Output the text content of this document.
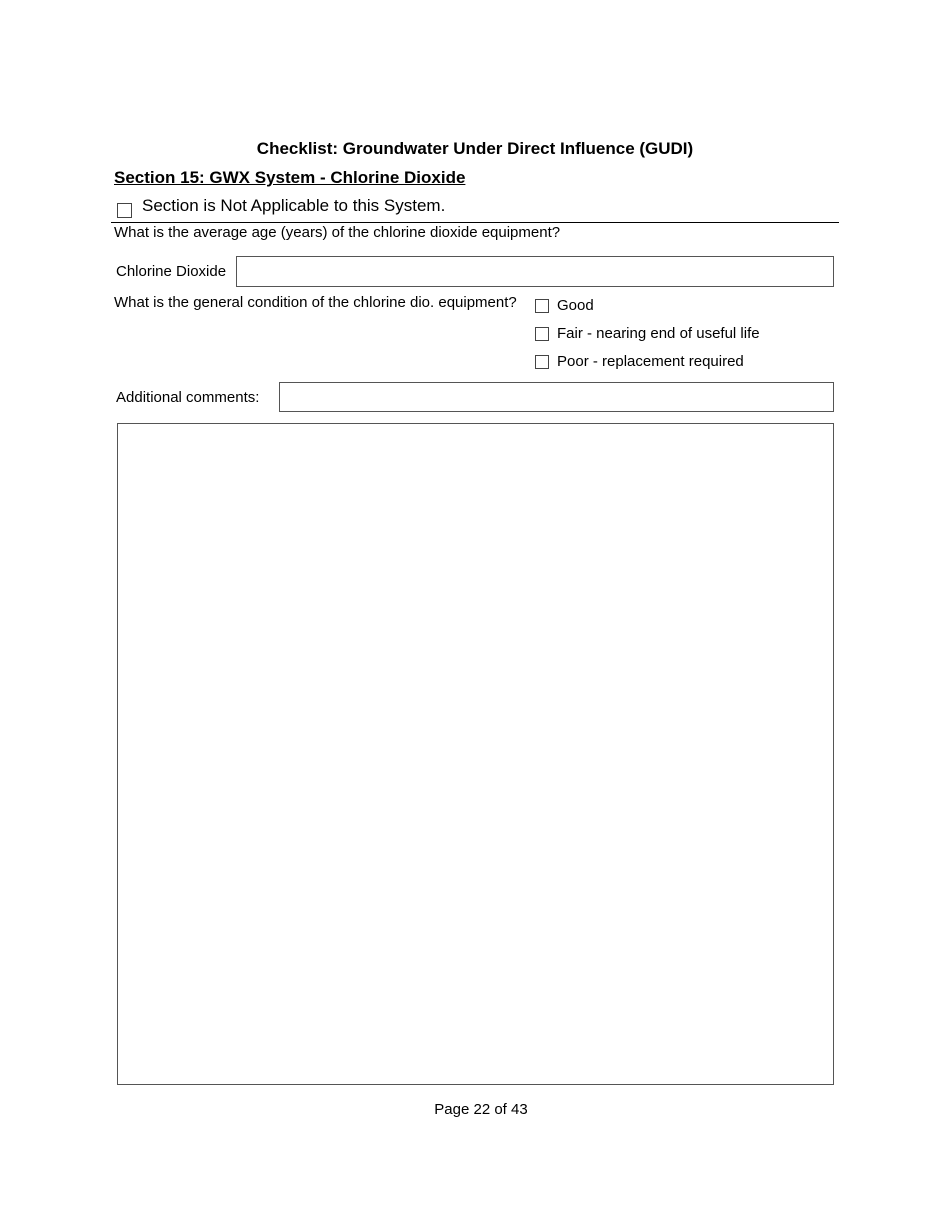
Checklist: Groundwater Under Direct Influence (GUDI)
Section 15: GWX System - Chlorine Dioxide
Section is Not Applicable to this System.
What is the average age (years) of the chlorine dioxide equipment?
Chlorine Dioxide
What is the general condition of the chlorine dio. equipment?	Good
Fair - nearing end of useful life
Poor - replacement required
Additional comments:
Page 22 of 43
